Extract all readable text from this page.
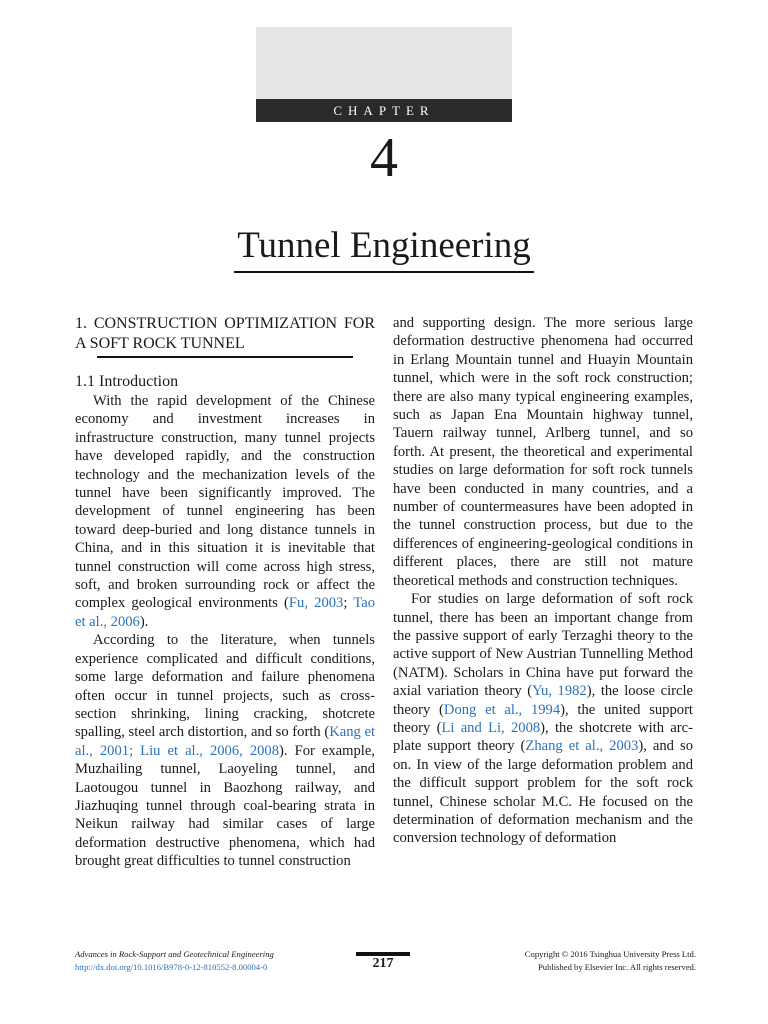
CHAPTER
4
Tunnel Engineering

1. CONSTRUCTION OPTIMIZATION FOR A SOFT ROCK TUNNEL

1.1 Introduction

With the rapid development of the Chinese economy and investment increases in infrastructure construction, many tunnel projects have developed rapidly, and the construction technology and the mechanization levels of the tunnel have been significantly improved. The development of tunnel engineering has been toward deep-buried and long distance tunnels in China, and in this situation it is inevitable that tunnel construction will come across high stress, soft, and broken surrounding rock or affect the complex geological environments (Fu, 2003; Tao et al., 2006).

According to the literature, when tunnels experience complicated and difficult conditions, some large deformation and failure phenomena often occur in tunnel projects, such as cross-section shrinking, lining cracking, shotcrete spalling, steel arch distortion, and so forth (Kang et al., 2001; Liu et al., 2006, 2008). For example, Muzhailing tunnel, Laoyeling tunnel, and Laotougou tunnel in Baozhong railway, and Jiazhuqing tunnel through coal-bearing strata in Neikun railway had similar cases of large deformation destructive phenomena, which had brought great difficulties to tunnel construction

and supporting design. The more serious large deformation destructive phenomena had occurred in Erlang Mountain tunnel and Huayin Mountain tunnel, which were in the soft rock construction; there are also many typical engineering examples, such as Japan Ena Mountain highway tunnel, Tauern railway tunnel, Arlberg tunnel, and so forth. At present, the theoretical and experimental studies on large deformation for soft rock tunnels have been conducted in many countries, and a number of countermeasures have been adopted in the tunnel construction process, but due to the differences of engineering-geological conditions in different places, there are still not mature theoretical methods and construction techniques.

For studies on large deformation of soft rock tunnel, there has been an important change from the passive support of early Terzaghi theory to the active support of New Austrian Tunnelling Method (NATM). Scholars in China have put forward the axial variation theory (Yu, 1982), the loose circle theory (Dong et al., 1994), the united support theory (Li and Li, 2008), the shotcrete with arc-plate support theory (Zhang et al., 2003), and so on. In view of the large deformation problem and the difficult support problem for the soft rock tunnel, Chinese scholar M.C. He focused on the determination of deformation mechanism and the conversion technology of deformation

Advances in Rock-Support and Geotechnical Engineering
http://dx.doi.org/10.1016/B978-0-12-810552-8.00004-0	217
Copyright © 2016 Tsinghua University Press Ltd.
Published by Elsevier Inc. All rights reserved.
